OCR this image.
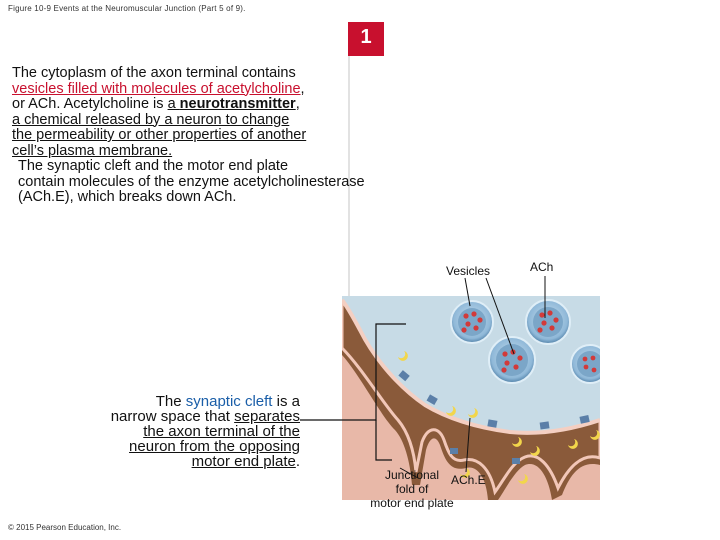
Figure 10-9 Events at the Neuromuscular Junction (Part 5 of 9).
1
The cytoplasm of the axon terminal contains
vesicles filled with molecules of acetylcholine,
or ACh. Acetylcholine is a neurotransmitter,
a chemical released by a neuron to change
the permeability or other properties of another
cell’s plasma membrane.
The synaptic cleft and the motor end plate
contain molecules of the enzyme acetylcholinesterase
(ACh.E), which breaks down ACh.
The synaptic cleft is a
narrow space that separates
the axon terminal of the
neuron from the opposing
motor end plate.
Vesicles	ACh
Junctional
fold of
motor end plate
ACh.E
© 2015 Pearson Education, Inc.
